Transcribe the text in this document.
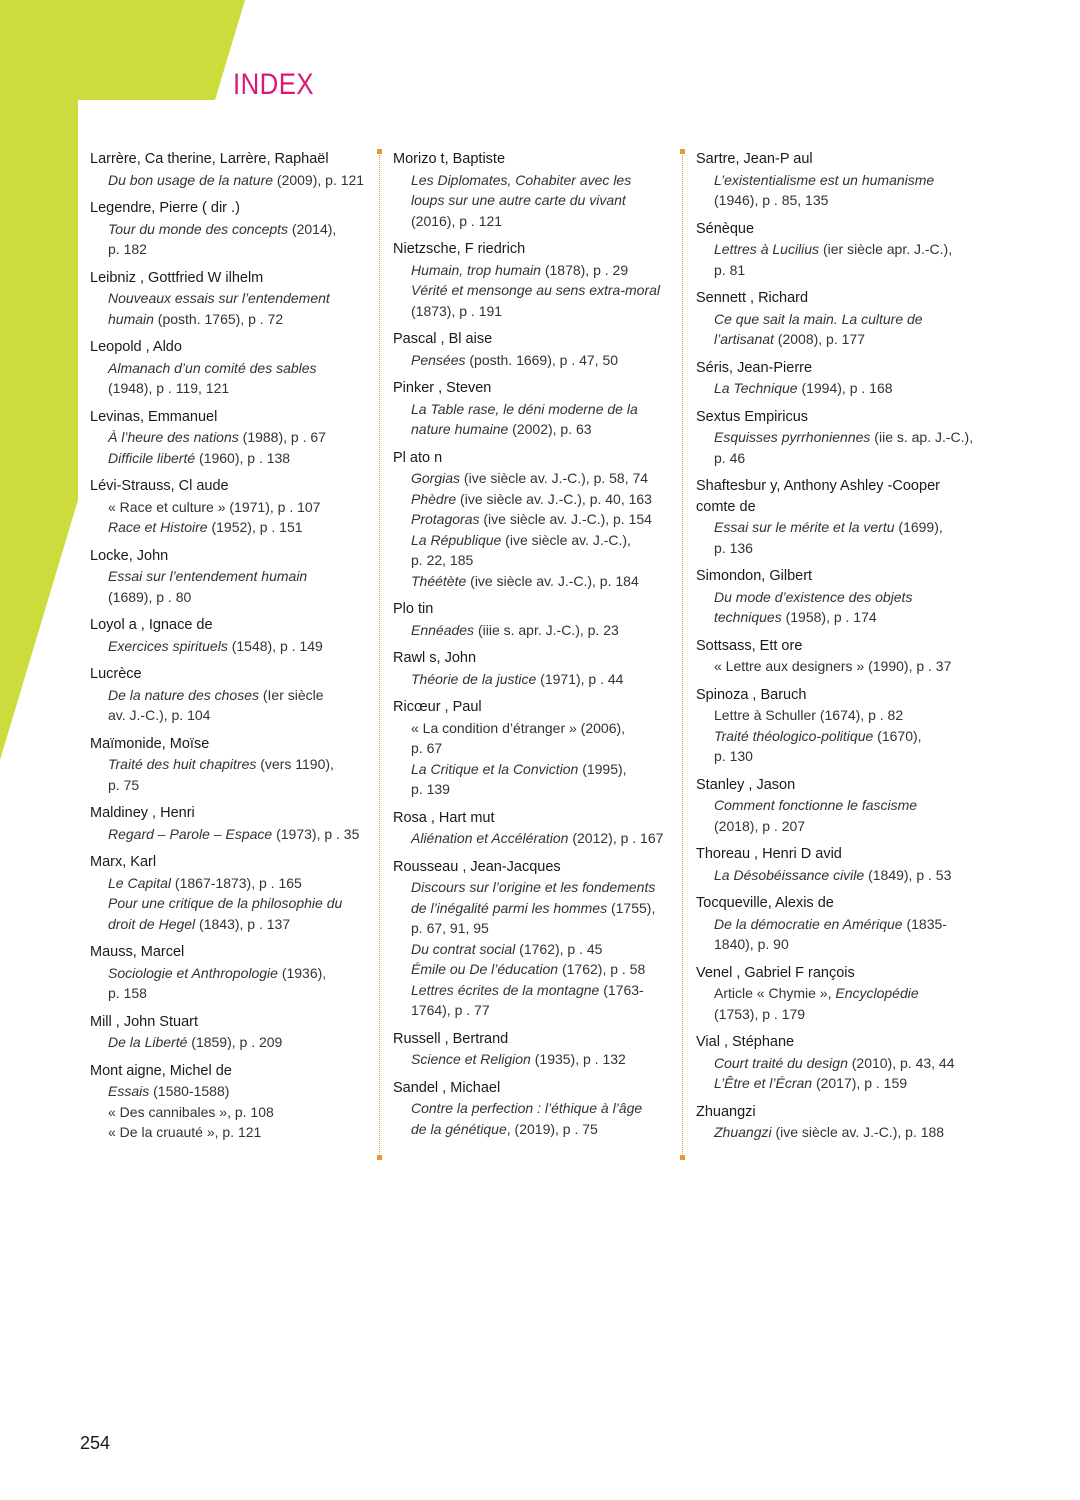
INDEX
Larrère, Ca therine, Larrère, Raphaël
Du bon usage de la nature (2009), p. 121
Legendre, Pierre ( dir .)
Tour du monde des concepts (2014),
p. 182
Leibniz , Gottfried W ilhelm
Nouveaux essais sur l’entendement
humain (posth. 1765), p . 72
Leopold , Aldo
Almanach d’un comité des sables
(1948), p . 119, 121
Levinas, Emmanuel
À l’heure des nations (1988), p . 67
Difficile liberté (1960), p . 138
Lévi-Strauss, Cl aude
« Race et culture » (1971), p . 107
Race et Histoire (1952), p . 151
Locke, John
Essai sur l’entendement humain
(1689), p . 80
Loyol a , Ignace de
Exercices spirituels (1548), p . 149
Lucrèce
De la nature des choses (Ier siècle
av. J.-C.), p. 104
Maïmonide, Moïse
Traité des huit chapitres (vers 1190),
p. 75
Maldiney , Henri
Regard – Parole – Espace (1973), p . 35
Marx, Karl
Le Capital (1867-1873), p . 165
Pour une critique de la philosophie du
droit de Hegel (1843), p . 137
Mauss, Marcel
Sociologie et Anthropologie (1936),
p. 158
Mill , John Stuart
De la Liberté (1859), p . 209
Mont aigne, Michel de
Essais (1580-1588)
« Des cannibales », p. 108
« De la cruauté », p. 121
Morizo t, Baptiste
Les Diplomates, Cohabiter avec les
loups sur une autre carte du vivant
(2016), p . 121
Nietzsche, F riedrich
Humain, trop humain (1878), p . 29
Vérité et mensonge au sens extra-moral
(1873), p . 191
Pascal , Bl aise
Pensées (posth. 1669), p . 47, 50
Pinker , Steven
La Table rase, le déni moderne de la
nature humaine (2002), p. 63
Pl ato n
Gorgias (ive siècle av. J.-C.), p. 58, 74
Phèdre (ive siècle av. J.-C.), p. 40, 163
Protagoras (ive siècle av. J.-C.), p. 154
La République (ive siècle av. J.-C.),
p. 22, 185
Théétète (ive siècle av. J.-C.), p. 184
Plo tin
Ennéades (iiie s. apr. J.-C.), p. 23
Rawl s, John
Théorie de la justice (1971), p . 44
Ricœur , Paul
« La condition d’étranger » (2006),
p. 67
La Critique et la Conviction (1995),
p. 139
Rosa , Hart mut
Aliénation et Accélération (2012), p . 167
Rousseau , Jean-Jacques
Discours sur l’origine et les fondements
de l’inégalité parmi les hommes (1755),
p. 67, 91, 95
Du contrat social (1762), p . 45
Émile ou De l’éducation (1762), p . 58
Lettres écrites de la montagne (1763-
1764), p . 77
Russell , Bertrand
Science et Religion (1935), p . 132
Sandel , Michael
Contre la perfection : l’éthique à l’âge
de la génétique, (2019), p . 75
Sartre, Jean-P aul
L’existentialisme est un humanisme
(1946), p . 85, 135
Sénèque
Lettres à Lucilius (ier siècle apr. J.-C.),
p. 81
Sennett , Richard
Ce que sait la main. La culture de
l’artisanat (2008), p. 177
Séris, Jean-Pierre
La Technique (1994), p . 168
Sextus Empiricus
Esquisses pyrrhoniennes (iie s. ap. J.-C.),
p. 46
Shaftesbur y, Anthony Ashley -Cooper comte de
Essai sur le mérite et la vertu (1699),
p. 136
Simondon, Gilbert
Du mode d’existence des objets
techniques (1958), p . 174
Sottsass, Ett ore
« Lettre aux designers » (1990), p . 37
Spinoza , Baruch
Lettre à Schuller (1674), p . 82
Traité théologico-politique (1670),
p. 130
Stanley , Jason
Comment fonctionne le fascisme
(2018), p . 207
Thoreau , Henri D avid
La Désobéissance civile (1849), p . 53
Tocqueville, Alexis de
De la démocratie en Amérique (1835-
1840), p. 90
Venel , Gabriel F rançois
Article « Chymie », Encyclopédie
(1753), p . 179
Vial , Stéphane
Court traité du design (2010), p. 43, 44
L’Être et l’Écran (2017), p . 159
Zhuangzi
Zhuangzi (ive siècle av. J.-C.), p. 188
254
